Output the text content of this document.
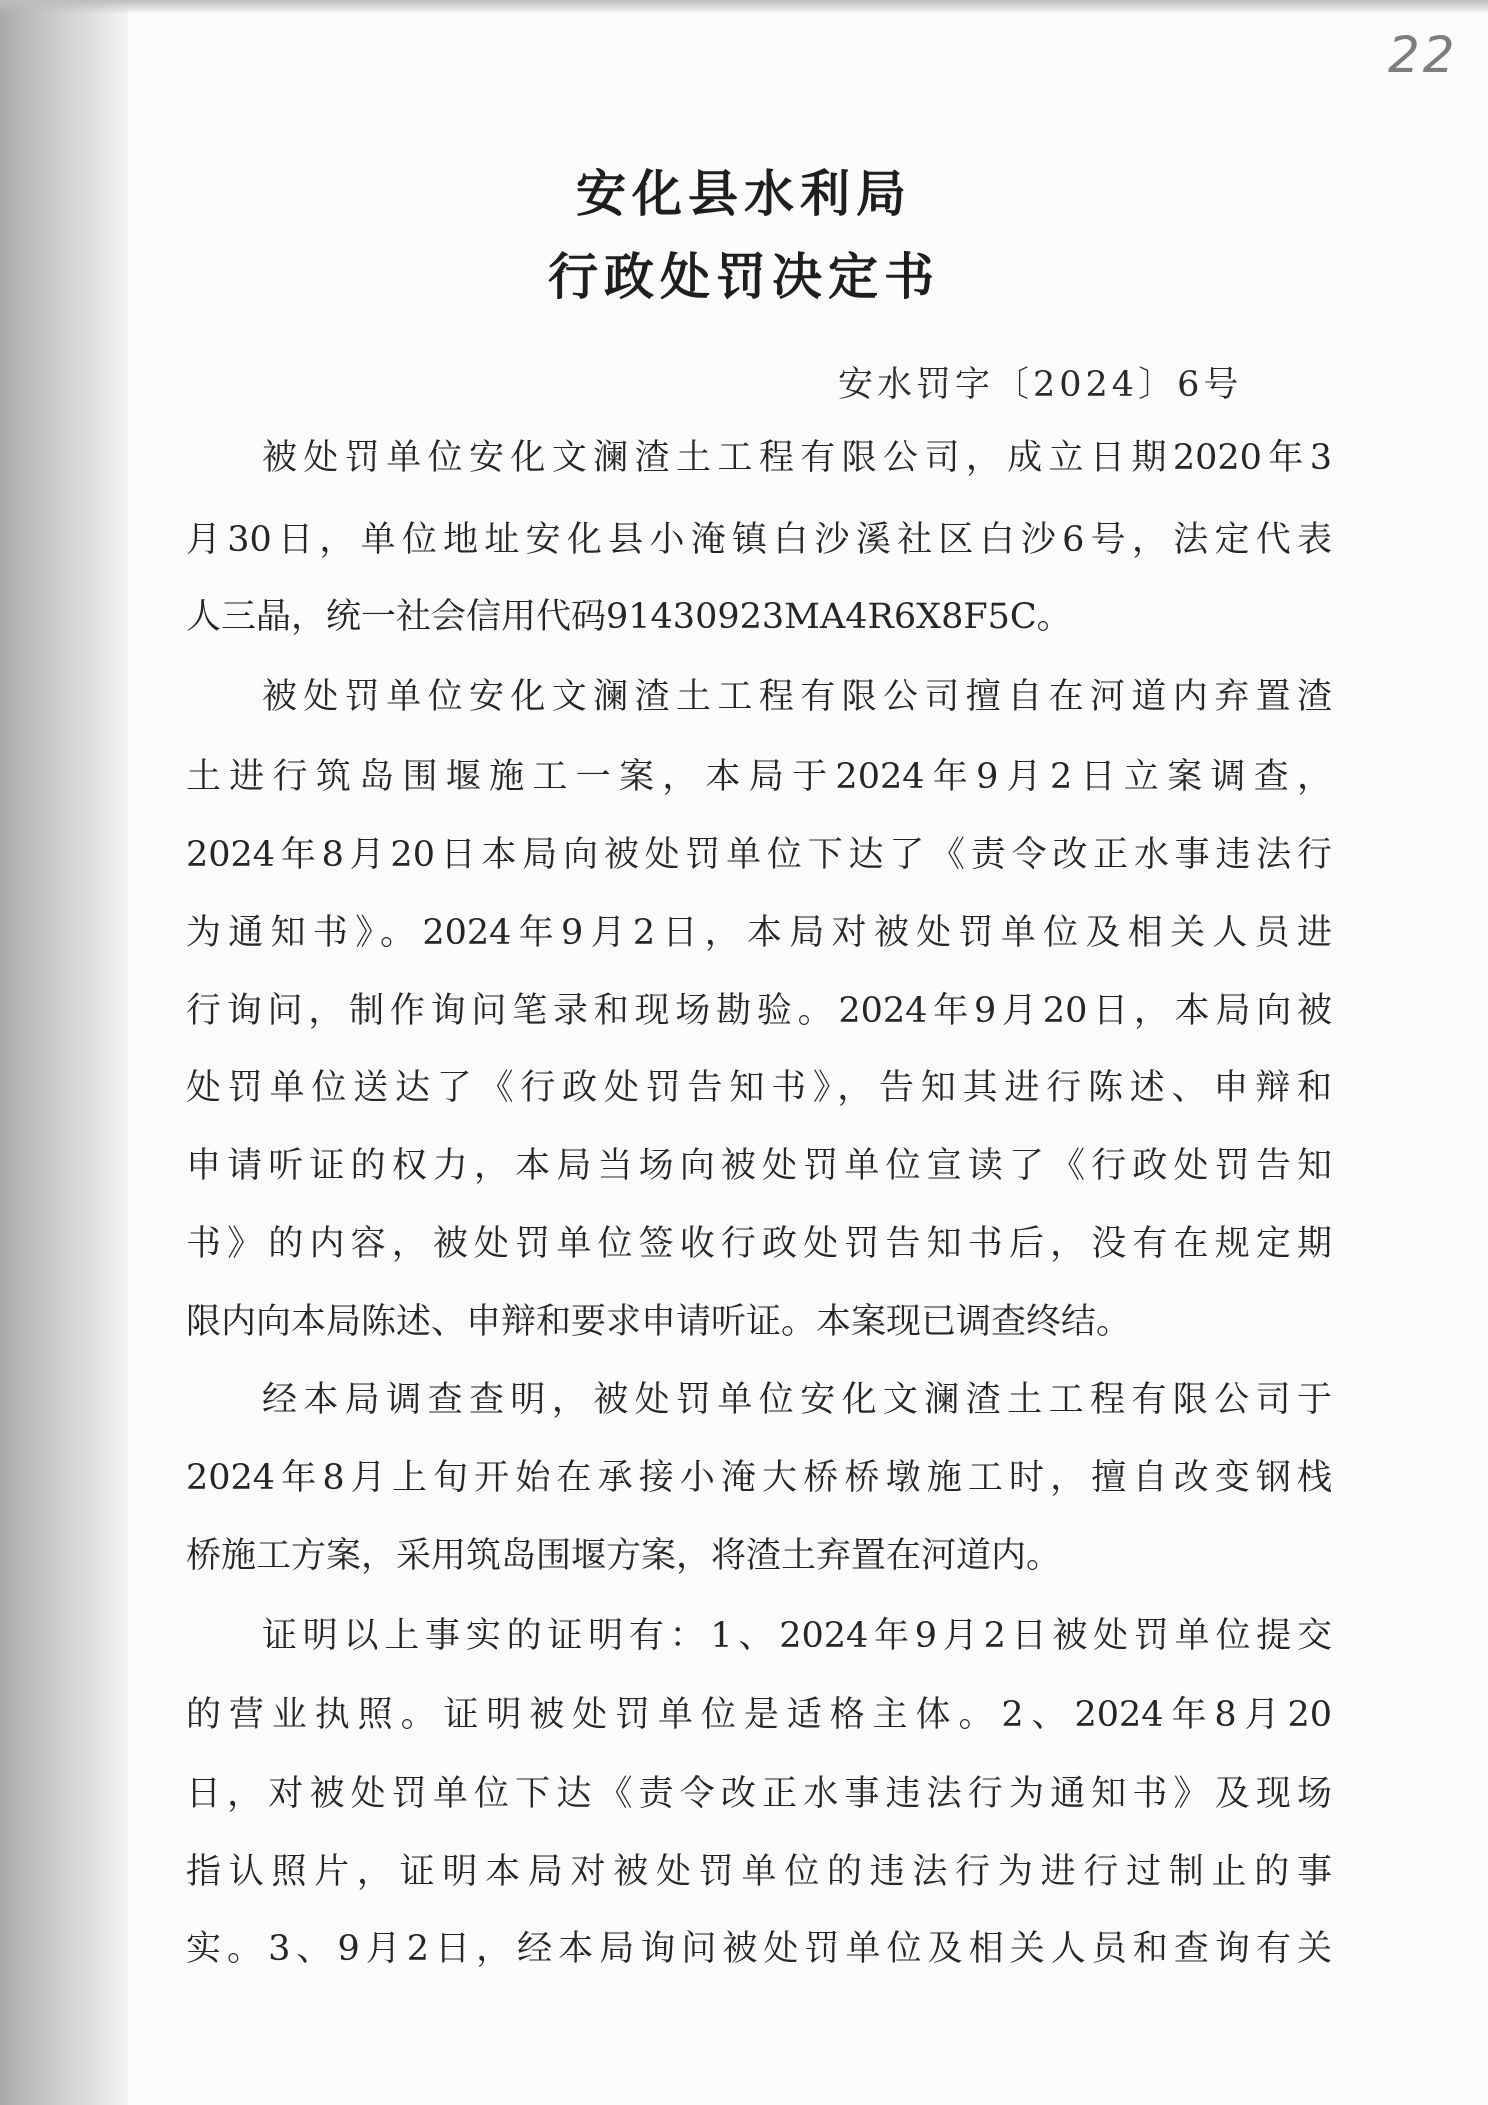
22
安化县水利局
行政处罚决定书
安水罚字〔2024〕6号
被处罚单位安化文澜渣土工程有限公司，成立日期2020年3
月30日，单位地址安化县小淹镇白沙溪社区白沙6号，法定代表
人三晶，统一社会信用代码91430923MA4R6X8F5C。
被处罚单位安化文澜渣土工程有限公司擅自在河道内弃置渣
土进行筑岛围堰施工一案，本局于2024年9月2日立案调查，
2024年8月20日本局向被处罚单位下达了《责令改正水事违法行
为通知书》。2024年9月2日，本局对被处罚单位及相关人员进
行询问，制作询问笔录和现场勘验。2024年9月20日，本局向被
处罚单位送达了《行政处罚告知书》，告知其进行陈述、申辩和
申请听证的权力，本局当场向被处罚单位宣读了《行政处罚告知
书》的内容，被处罚单位签收行政处罚告知书后，没有在规定期
限内向本局陈述、申辩和要求申请听证。本案现已调查终结。
经本局调查查明，被处罚单位安化文澜渣土工程有限公司于
2024年8月上旬开始在承接小淹大桥桥墩施工时，擅自改变钢栈
桥施工方案，采用筑岛围堰方案，将渣土弃置在河道内。
证明以上事实的证明有：1、2024年9月2日被处罚单位提交
的营业执照。证明被处罚单位是适格主体。2、2024年8月20
日，对被处罚单位下达《责令改正水事违法行为通知书》及现场
指认照片，证明本局对被处罚单位的违法行为进行过制止的事
实。3、9月2日，经本局询问被处罚单位及相关人员和查询有关
